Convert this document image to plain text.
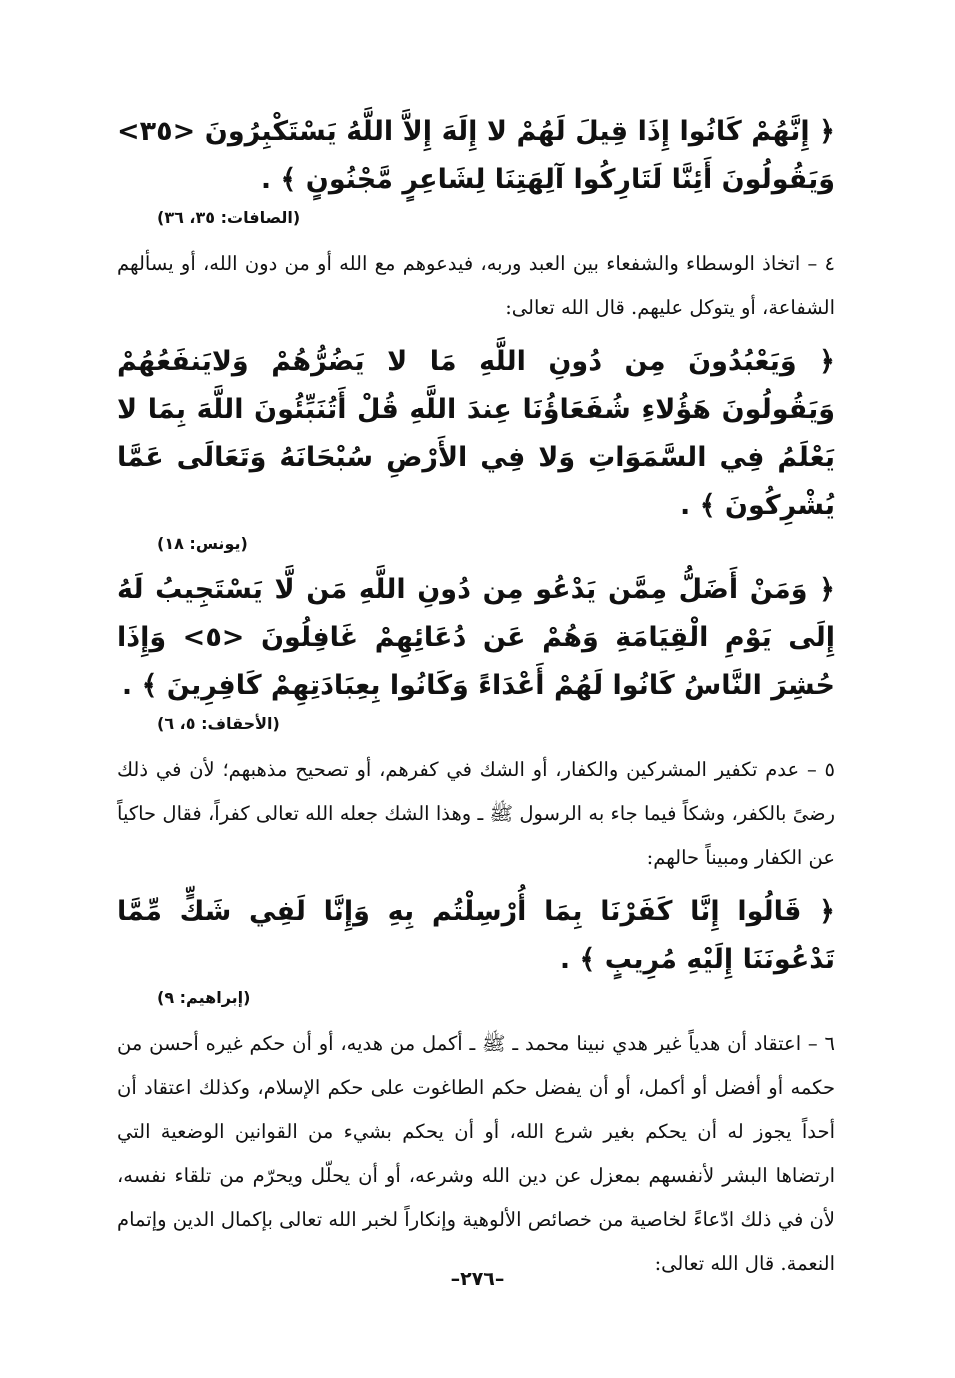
﴿ إِنَّهُمْ كَانُوا إِذَا قِيلَ لَهُمْ لا إِلَهَ إِلاَّ اللَّهُ يَسْتَكْبِرُونَ <٣٥> وَيَقُولُونَ أَئِنَّا لَتَارِكُوا آلِهَتِنَا لِشَاعِرٍ مَّجْنُونٍ ﴾ .

(الصافات: ٣٥، ٣٦)

٤ – اتخاذ الوسطاء والشفعاء بين العبد وربه، فيدعوهم مع الله أو من دون الله، أو يسألهم الشفاعة، أو يتوكل عليهم. قال الله تعالى:

﴿ وَيَعْبُدُونَ مِن دُونِ اللَّهِ مَا لا يَضُرُّهُمْ وَلايَنفَعُهُمْ وَيَقُولُونَ هَؤُلاءِ شُفَعَاؤُنَا عِندَ اللَّهِ قُلْ أَتُنَبِّئُونَ اللَّهَ بِمَا لا يَعْلَمُ فِي السَّمَوَاتِ وَلا فِي الأَرْضِ سُبْحَانَهُ وَتَعَالَى عَمَّا يُشْرِكُونَ ﴾ .

(يونس: ١٨)

﴿ وَمَنْ أَضَلُّ مِمَّن يَدْعُو مِن دُونِ اللَّهِ مَن لَّا يَسْتَجِيبُ لَهُ إِلَى يَوْمِ الْقِيَامَةِ وَهُمْ عَن دُعَائِهِمْ غَافِلُونَ <٥> وَإِذَا حُشِرَ النَّاسُ كَانُوا لَهُمْ أَعْدَاءً وَكَانُوا بِعِبَادَتِهِمْ كَافِرِينَ ﴾ .

(الأحقاف: ٥، ٦)

٥ – عدم تكفير المشركين والكفار، أو الشك في كفرهم، أو تصحيح مذهبهم؛ لأن في ذلك رضىً بالكفر، وشكاً فيما جاء به الرسول ﷺ ـ وهذا الشك جعله الله تعالى كفراً، فقال حاكياً عن الكفار ومبيناً حالهم:

﴿ قَالُوا إِنَّا كَفَرْنَا بِمَا أُرْسِلْتُم بِهِ وَإِنَّا لَفِي شَكٍّ مِّمَّا تَدْعُونَنَا إِلَيْهِ مُرِيبٍ ﴾ .

(إبراهيم: ٩)

٦ – اعتقاد أن هدياً غير هدي نبينا محمد ـ ﷺ ـ أكمل من هديه، أو أن حكم غيره أحسن من حكمه أو أفضل أو أكمل، أو أن يفضل حكم الطاغوت على حكم الإسلام، وكذلك اعتقاد أن أحداً يجوز له أن يحكم بغير شرع الله، أو أن يحكم بشيء من القوانين الوضعية التي ارتضاها البشر لأنفسهم بمعزل عن دين الله وشرعه، أو أن يحلّل ويحرّم من تلقاء نفسه، لأن في ذلك ادّعاءً لخاصية من خصائص الألوهية وإنكاراً لخبر الله تعالى بإكمال الدين وإتمام النعمة. قال الله تعالى:

–٢٧٦–
